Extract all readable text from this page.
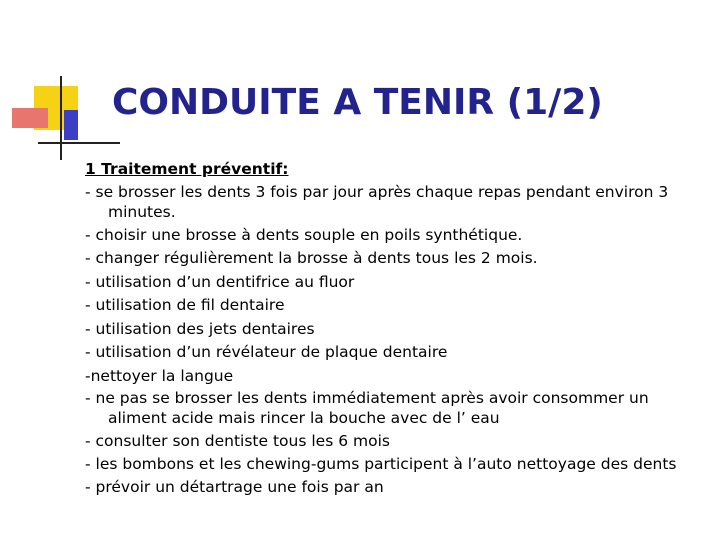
CONDUITE A TENIR (1/2)

1 Traitement préventif:

- se brosser les dents 3 fois par jour après chaque repas pendant environ 3 minutes.

- choisir une brosse à dents souple en poils synthétique.

- changer régulièrement la brosse à dents tous les 2 mois.

- utilisation d’un dentifrice au fluor

- utilisation de fil dentaire

- utilisation des jets dentaires

- utilisation d’un révélateur de plaque dentaire

-nettoyer la langue

- ne pas se brosser les dents immédiatement après avoir consommer un aliment acide mais rincer la bouche avec de l’ eau

- consulter son dentiste tous les 6 mois

- les bombons et les chewing-gums participent à l’auto nettoyage des dents

- prévoir un détartrage une fois par an
